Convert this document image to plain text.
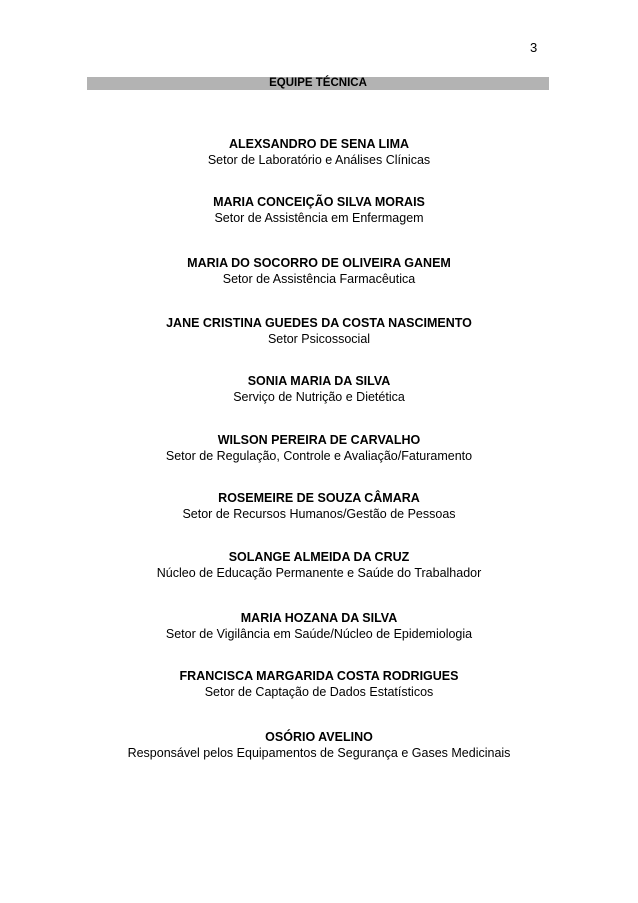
3
EQUIPE TÉCNICA
ALEXSANDRO DE SENA LIMA
Setor de Laboratório e Análises Clínicas
MARIA CONCEIÇÃO SILVA MORAIS
Setor de Assistência em Enfermagem
MARIA DO SOCORRO DE OLIVEIRA GANEM
Setor de Assistência Farmacêutica
JANE CRISTINA GUEDES DA COSTA NASCIMENTO
Setor Psicossocial
SONIA MARIA DA SILVA
Serviço de Nutrição e Dietética
WILSON PEREIRA DE CARVALHO
Setor de Regulação, Controle e Avaliação/Faturamento
ROSEMEIRE DE SOUZA CÂMARA
Setor de Recursos Humanos/Gestão de Pessoas
SOLANGE ALMEIDA DA CRUZ
Núcleo de Educação Permanente e Saúde do Trabalhador
MARIA HOZANA DA SILVA
Setor de Vigilância em Saúde/Núcleo de Epidemiologia
FRANCISCA MARGARIDA COSTA RODRIGUES
Setor de Captação de Dados Estatísticos
OSÓRIO AVELINO
Responsável pelos Equipamentos de Segurança e Gases Medicinais
